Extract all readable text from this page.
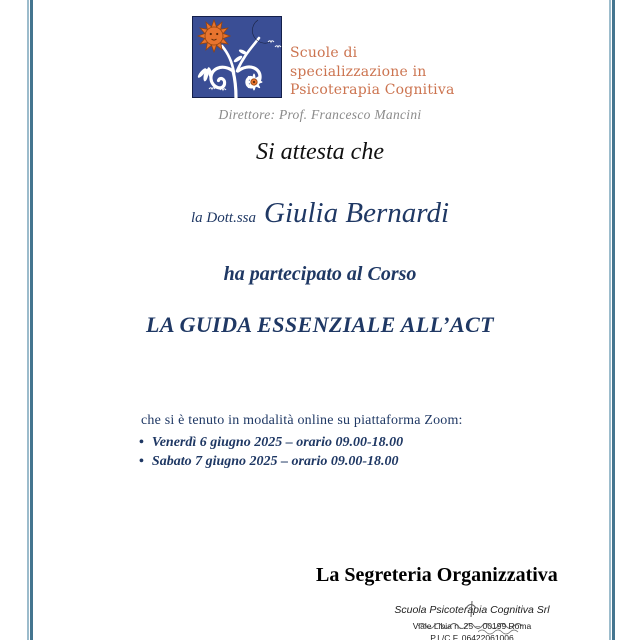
Scuole di
specializzazione in
Psicoterapia Cognitiva
Direttore: Prof. Francesco Mancini
Si attesta che
la Dott.ssa Giulia Bernardi
ha partecipato al Corso
LA GUIDA ESSENZIALE ALL’ACT
che si è tenuto in modalità online su piattaforma Zoom:
• Venerdì 6 giugno 2025 – orario 09.00-18.00
• Sabato 7 giugno 2025 – orario 09.00-18.00
La Segreteria Organizzativa
Scuola Psicoterapia Cognitiva Srl
Viale Libia n. 25 – 00199 Roma
P.I./C.F. 06422061006
